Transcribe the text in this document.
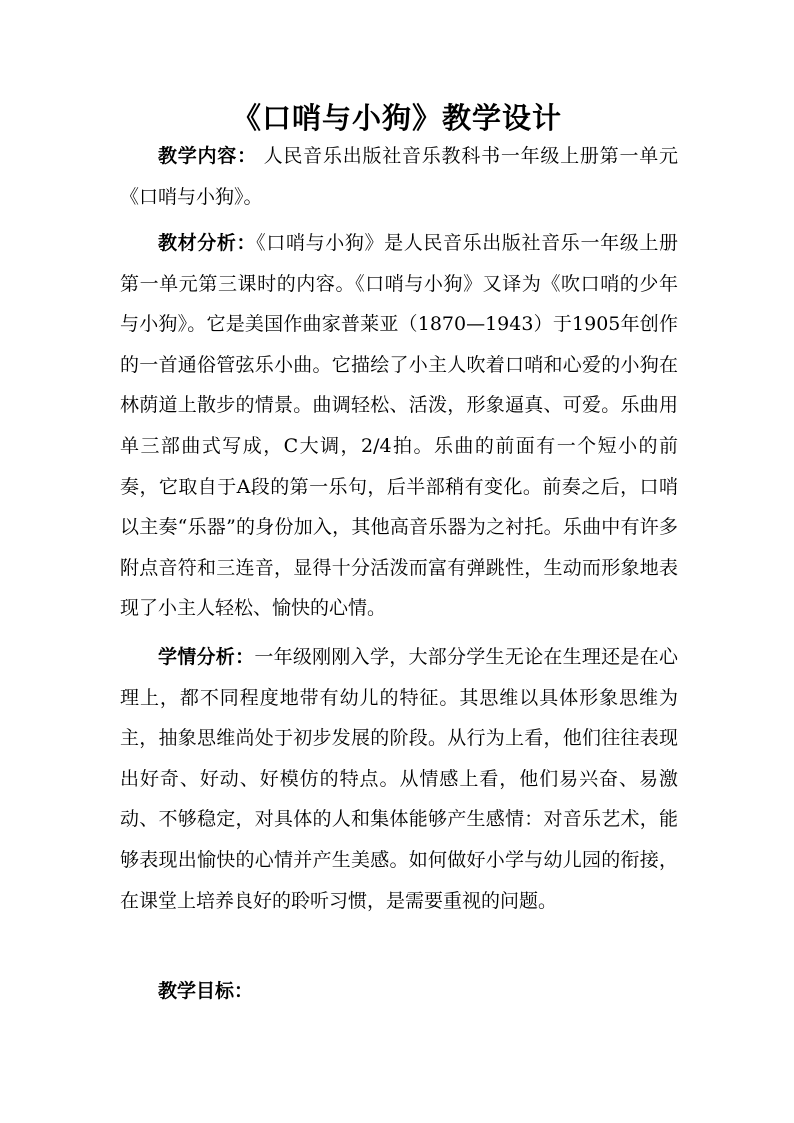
《口哨与小狗》教学设计

教学内容： 人民音乐出版社音乐教科书一年级上册第一单元《口哨与小狗》。

教材分析：《口哨与小狗》是人民音乐出版社音乐一年级上册第一单元第三课时的内容。《口哨与小狗》又译为《吹口哨的少年与小狗》。它是美国作曲家普莱亚（1870—1943）于1905年创作的一首通俗管弦乐小曲。它描绘了小主人吹着口哨和心爱的小狗在林荫道上散步的情景。曲调轻松、活泼，形象逼真、可爱。乐曲用单三部曲式写成，C大调，2/4拍。乐曲的前面有一个短小的前奏，它取自于A段的第一乐句，后半部稍有变化。前奏之后，口哨以主奏“乐器”的身份加入，其他高音乐器为之衬托。乐曲中有许多附点音符和三连音，显得十分活泼而富有弹跳性，生动而形象地表现了小主人轻松、愉快的心情。

学情分析：一年级刚刚入学，大部分学生无论在生理还是在心理上，都不同程度地带有幼儿的特征。其思维以具体形象思维为主，抽象思维尚处于初步发展的阶段。从行为上看，他们往往表现出好奇、好动、好模仿的特点。从情感上看，他们易兴奋、易激动、不够稳定，对具体的人和集体能够产生感情：对音乐艺术，能够表现出愉快的心情并产生美感。如何做好小学与幼儿园的衔接，在课堂上培养良好的聆听习惯，是需要重视的问题。

教学目标：
